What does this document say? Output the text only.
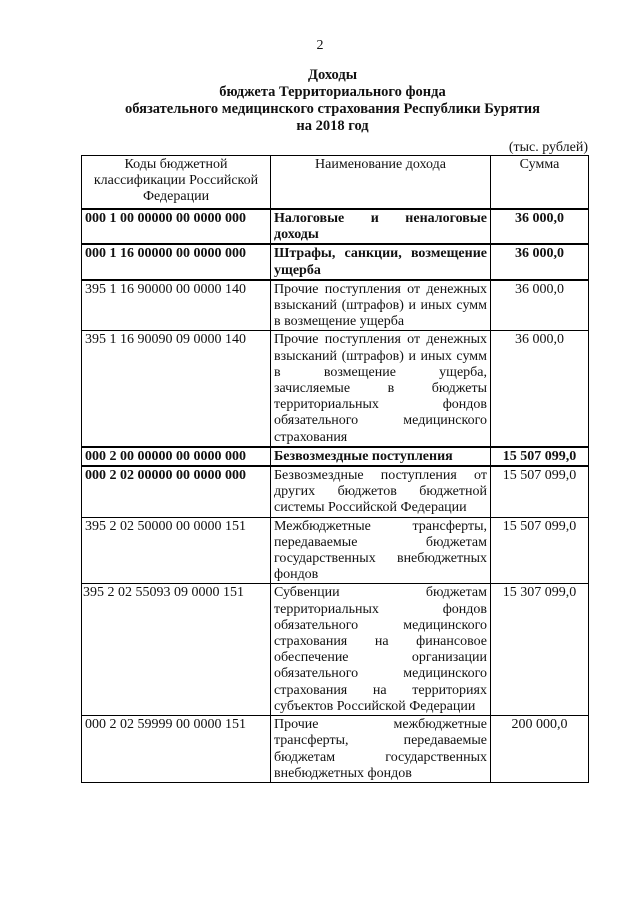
2
Доходы
бюджета Территориального фонда
обязательного медицинского страхования Республики Бурятия
на 2018 год
(тыс. рублей)
Коды бюджетной классификации Российской Федерации	Наименование дохода	Сумма
000 1 00 00000 00 0000 000	Налоговые и неналоговые доходы	36 000,0
000 1 16 00000 00 0000 000	Штрафы, санкции, возмещение ущерба	36 000,0
395 1 16 90000 00 0000 140	Прочие поступления от денежных взысканий (штрафов) и иных сумм в возмещение ущерба	36 000,0
395 1 16 90090 09 0000 140	Прочие поступления от денежных взысканий (штрафов) и иных сумм в возмещение ущерба, зачисляемые в бюджеты территориальных фондов обязательного медицинского страхования	36 000,0
000 2 00 00000 00 0000 000	Безвозмездные поступления	15 507 099,0
000 2 02 00000 00 0000 000	Безвозмездные поступления от других бюджетов бюджетной системы Российской Федерации	15 507 099,0
395 2 02 50000 00 0000 151	Межбюджетные трансферты, передаваемые бюджетам государственных внебюджетных фондов	15 507 099,0
395 2 02 55093 09 0000 151	Субвенции бюджетам территориальных фондов обязательного медицинского страхования на финансовое обеспечение организации обязательного медицинского страхования на территориях субъектов Российской Федерации	15 307 099,0
000 2 02 59999 00 0000 151	Прочие межбюджетные трансферты, передаваемые бюджетам государственных внебюджетных фондов	200 000,0
